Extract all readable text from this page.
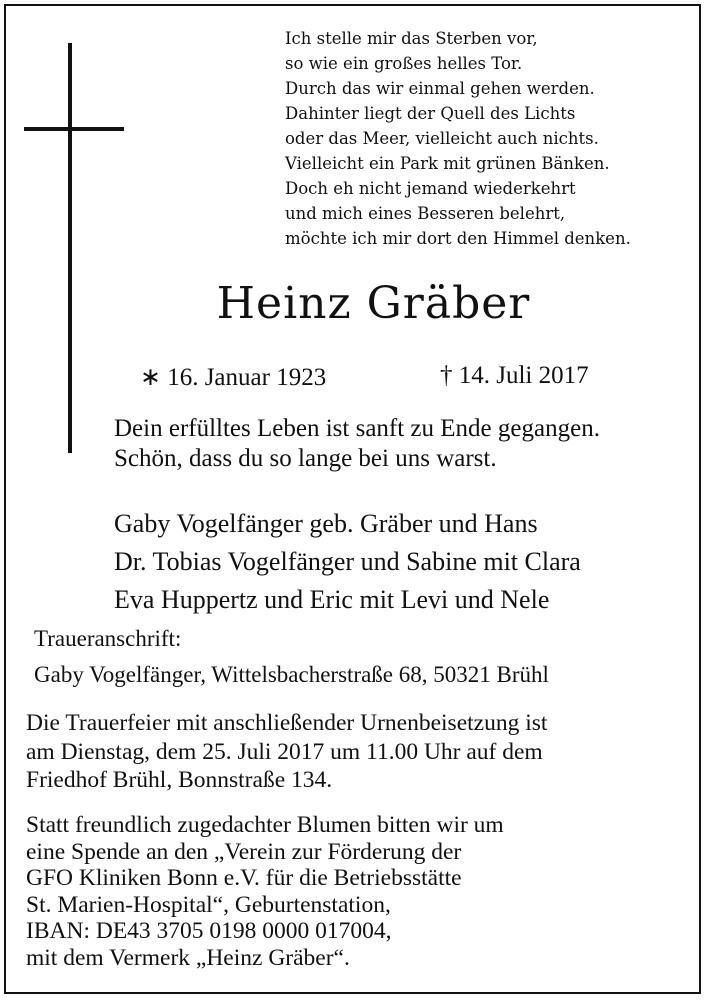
Ich stelle mir das Sterben vor,
so wie ein großes helles Tor.
Durch das wir einmal gehen werden.
Dahinter liegt der Quell des Lichts
oder das Meer, vielleicht auch nichts.
Vielleicht ein Park mit grünen Bänken.
Doch eh nicht jemand wiederkehrt
und mich eines Besseren belehrt,
möchte ich mir dort den Himmel denken.
Heinz Gräber
∗ 16. Januar 1923	† 14. Juli 2017
Dein erfülltes Leben ist sanft zu Ende gegangen.
Schön, dass du so lange bei uns warst.
Gaby Vogelfänger geb. Gräber und Hans
Dr. Tobias Vogelfänger und Sabine mit Clara
Eva Huppertz und Eric mit Levi und Nele
Traueranschrift:
Gaby Vogelfänger, Wittelsbacherstraße 68, 50321 Brühl
Die Trauerfeier mit anschließender Urnenbeisetzung ist
am Dienstag, dem 25. Juli 2017 um 11.00 Uhr auf dem
Friedhof Brühl, Bonnstraße 134.
Statt freundlich zugedachter Blumen bitten wir um
eine Spende an den „Verein zur Förderung der
GFO Kliniken Bonn e.V. für die Betriebsstätte
St. Marien-Hospital“, Geburtenstation,
IBAN: DE43 3705 0198 0000 017004,
mit dem Vermerk „Heinz Gräber“.
